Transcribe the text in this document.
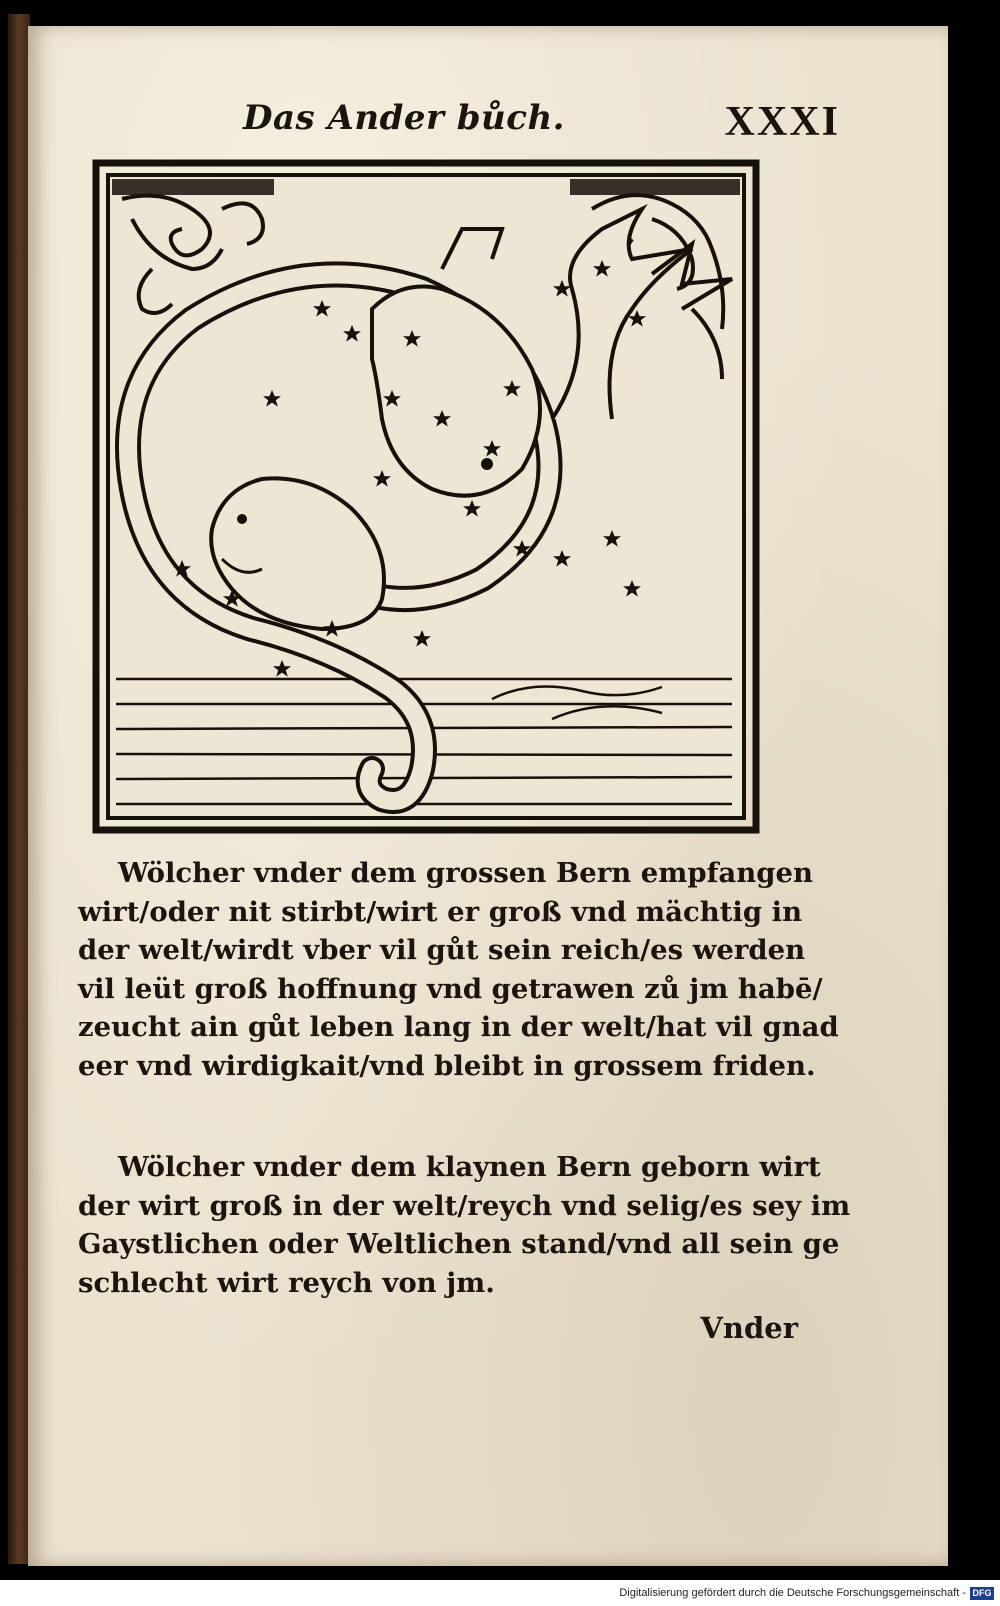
Das Ander bůch.	XXXI
Wölcher vnder dem grossen Bern empfangen
wirt/oder nit stirbt/wirt er groß vnd mächtig in
der welt/wirdt vber vil gůt sein reich/es werden
vil leüt groß hoffnung vnd getrawen zů jm habē/
zeucht ain gůt leben lang in der welt/hat vil gnad
eer vnd wirdigkait/vnd bleibt in grossem friden.
Wölcher vnder dem klaynen Bern geborn wirt
der wirt groß in der welt/reych vnd selig/es sey im
Gaystlichen oder Weltlichen stand/vnd all sein ge
schlecht wirt reych von jm.
Vnder
Digitalisierung gefördert durch die Deutsche Forschungsgemeinschaft - DFG
